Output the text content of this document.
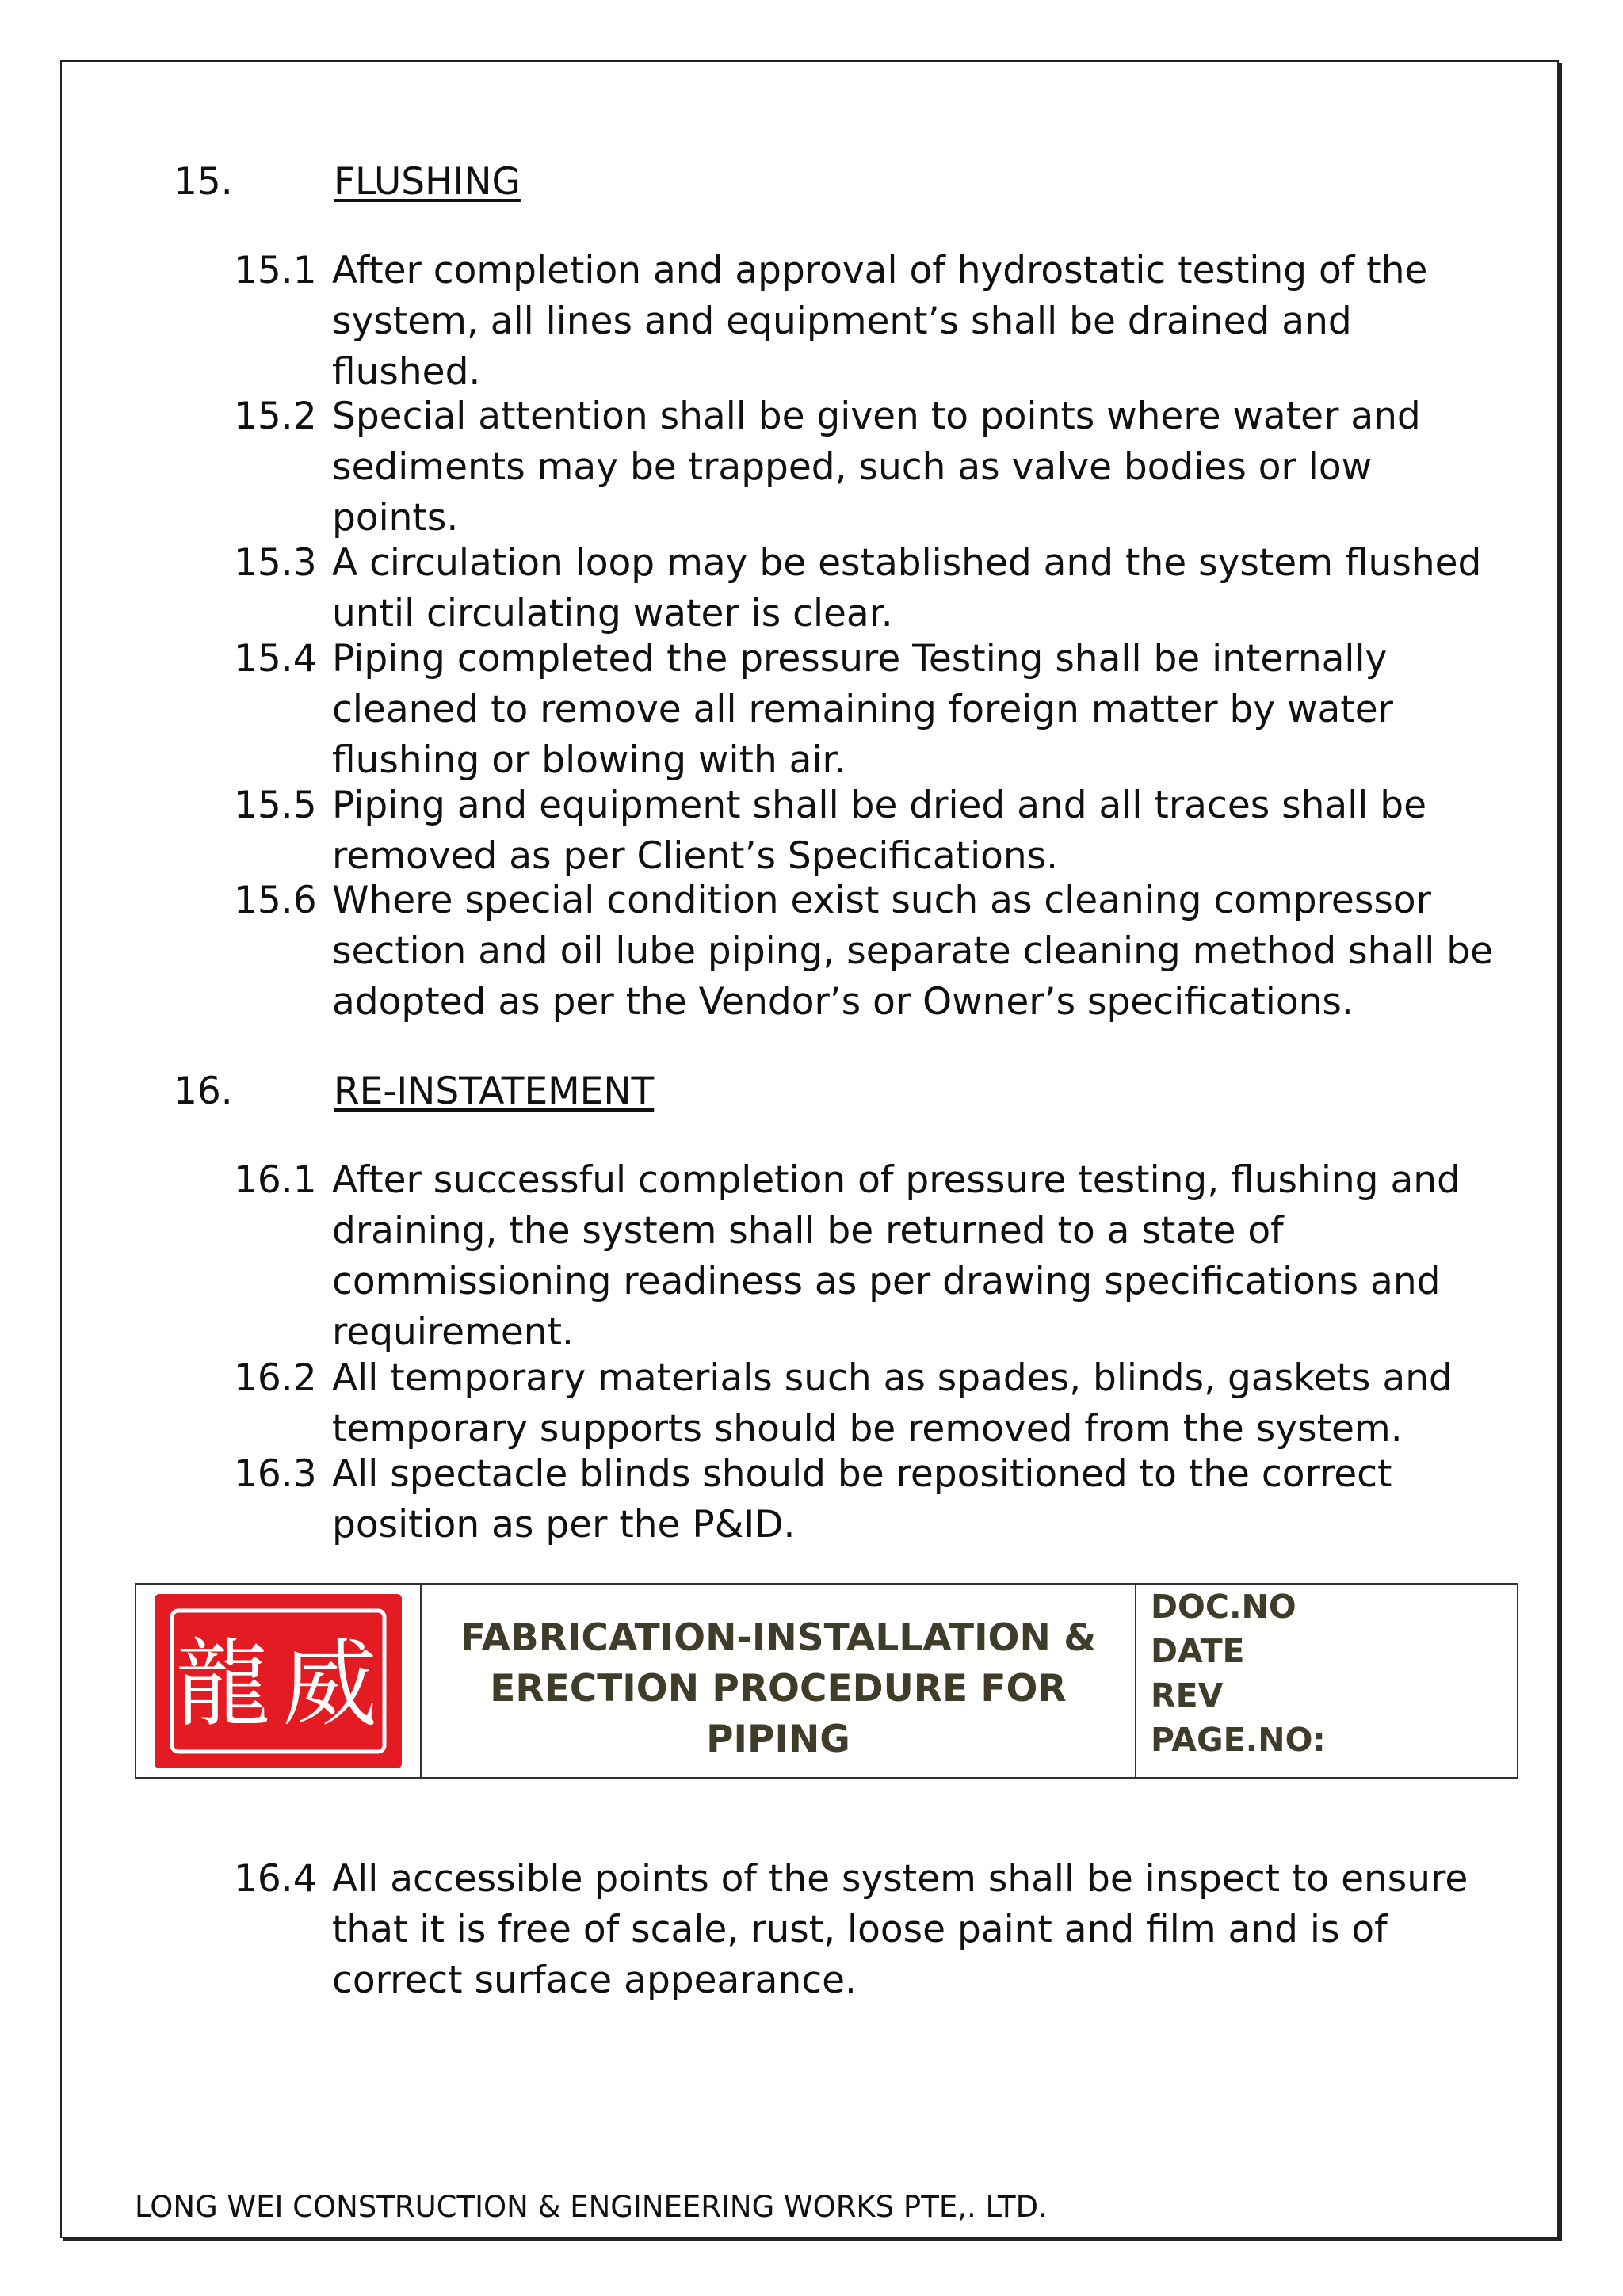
15.	FLUSHING
15.1 After completion and approval of hydrostatic testing of the system, all lines and equipment’s shall be drained and flushed.
15.2 Special attention shall be given to points where water and sediments may be trapped, such as valve bodies or low points.
15.3 A circulation loop may be established and the system flushed until circulating water is clear.
15.4 Piping completed the pressure Testing shall be internally cleaned to remove all remaining foreign matter by water flushing or blowing with air.
15.5 Piping and equipment shall be dried and all traces shall be removed as per Client’s Specifications.
15.6 Where special condition exist such as cleaning compressor section and oil lube piping, separate cleaning method shall be adopted as per the Vendor’s or Owner’s specifications.
16.	RE-INSTATEMENT
16.1 After successful completion of pressure testing, flushing and draining, the system shall be returned to a state of commissioning readiness as per drawing specifications and requirement.
16.2 All temporary materials such as spades, blinds, gaskets and temporary supports should be removed from the system.
16.3 All spectacle blinds should be repositioned to the correct position as per the P&ID.
龍 威 FABRICATION-INSTALLATION &
ERECTION PROCEDURE FOR
PIPING
DOC.NO
DATE
REV
PAGE.NO:
16.4 All accessible points of the system shall be inspect to ensure that it is free of scale, rust, loose paint and film and is of correct surface appearance.
LONG WEI CONSTRUCTION & ENGINEERING WORKS PTE,. LTD.
